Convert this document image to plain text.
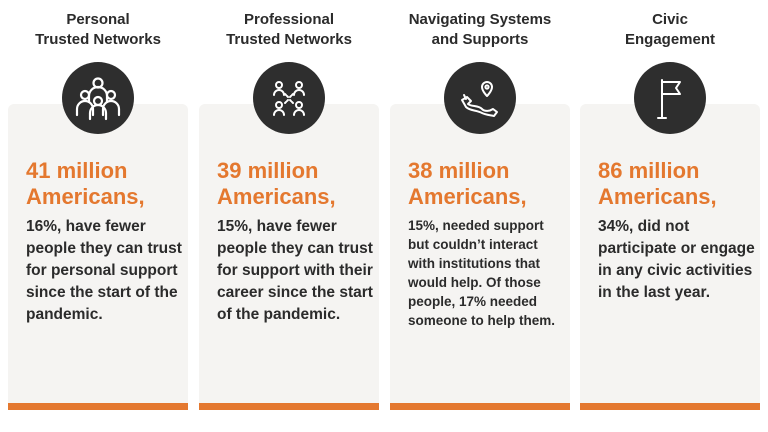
Personal
Trusted Networks
41 million
Americans,
16%, have fewer people they can trust for personal support since the start of the pandemic.
Professional
Trusted Networks
39 million
Americans,
15%, have fewer people they can trust for support with their career since the start of the pandemic.
Navigating Systems
and Supports
38 million
Americans,
15%, needed support but couldn’t interact with institutions that would help. Of those people, 17% needed someone to help them.
Civic
Engagement
86 million
Americans,
34%, did not participate or engage in any civic activities in the last year.
